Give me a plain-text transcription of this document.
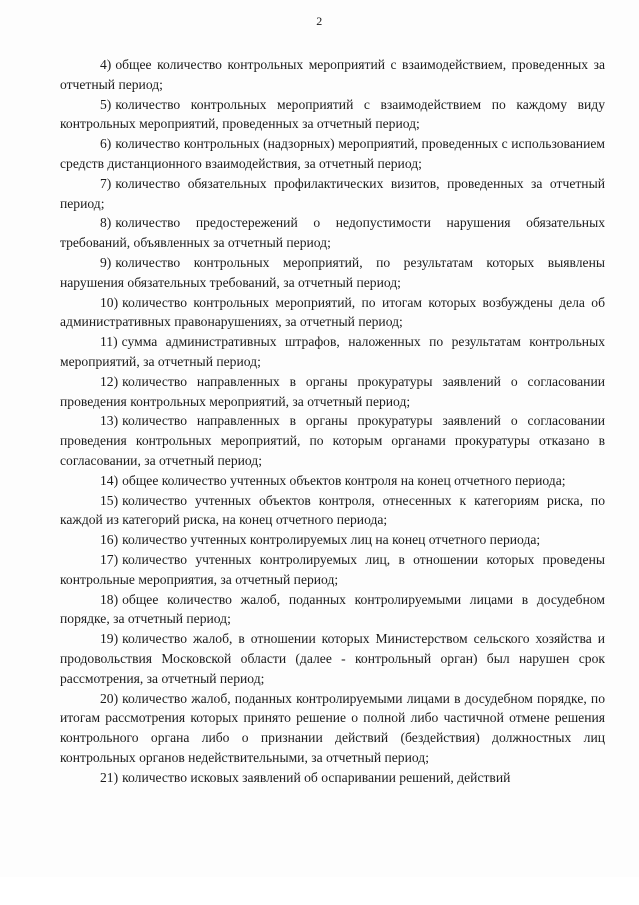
2

4) общее количество контрольных мероприятий с взаимодействием, проведенных за отчетный период;

5) количество контрольных мероприятий с взаимодействием по каждому виду контрольных мероприятий, проведенных за отчетный период;

6) количество контрольных (надзорных) мероприятий, проведенных с использованием средств дистанционного взаимодействия, за отчетный период;

7) количество обязательных профилактических визитов, проведенных за отчетный период;

8) количество предостережений о недопустимости нарушения обязательных требований, объявленных за отчетный период;

9) количество контрольных мероприятий, по результатам которых выявлены нарушения обязательных требований, за отчетный период;

10) количество контрольных мероприятий, по итогам которых возбуждены дела об административных правонарушениях, за отчетный период;

11) сумма административных штрафов, наложенных по результатам контрольных мероприятий, за отчетный период;

12) количество направленных в органы прокуратуры заявлений о согласовании проведения контрольных мероприятий, за отчетный период;

13) количество направленных в органы прокуратуры заявлений о согласовании проведения контрольных мероприятий, по которым органами прокуратуры отказано в согласовании, за отчетный период;

14) общее количество учтенных объектов контроля на конец отчетного периода;

15) количество учтенных объектов контроля, отнесенных к категориям риска, по каждой из категорий риска, на конец отчетного периода;

16) количество учтенных контролируемых лиц на конец отчетного периода;

17) количество учтенных контролируемых лиц, в отношении которых проведены контрольные мероприятия, за отчетный период;

18) общее количество жалоб, поданных контролируемыми лицами в досудебном порядке, за отчетный период;

19) количество жалоб, в отношении которых Министерством сельского хозяйства и продовольствия Московской области (далее - контрольный орган) был нарушен срок рассмотрения, за отчетный период;

20) количество жалоб, поданных контролируемыми лицами в досудебном порядке, по итогам рассмотрения которых принято решение о полной либо частичной отмене решения контрольного органа либо о признании действий (бездействия) должностных лиц контрольных органов недействительными, за отчетный период;

21) количество исковых заявлений об оспаривании решений, действий
